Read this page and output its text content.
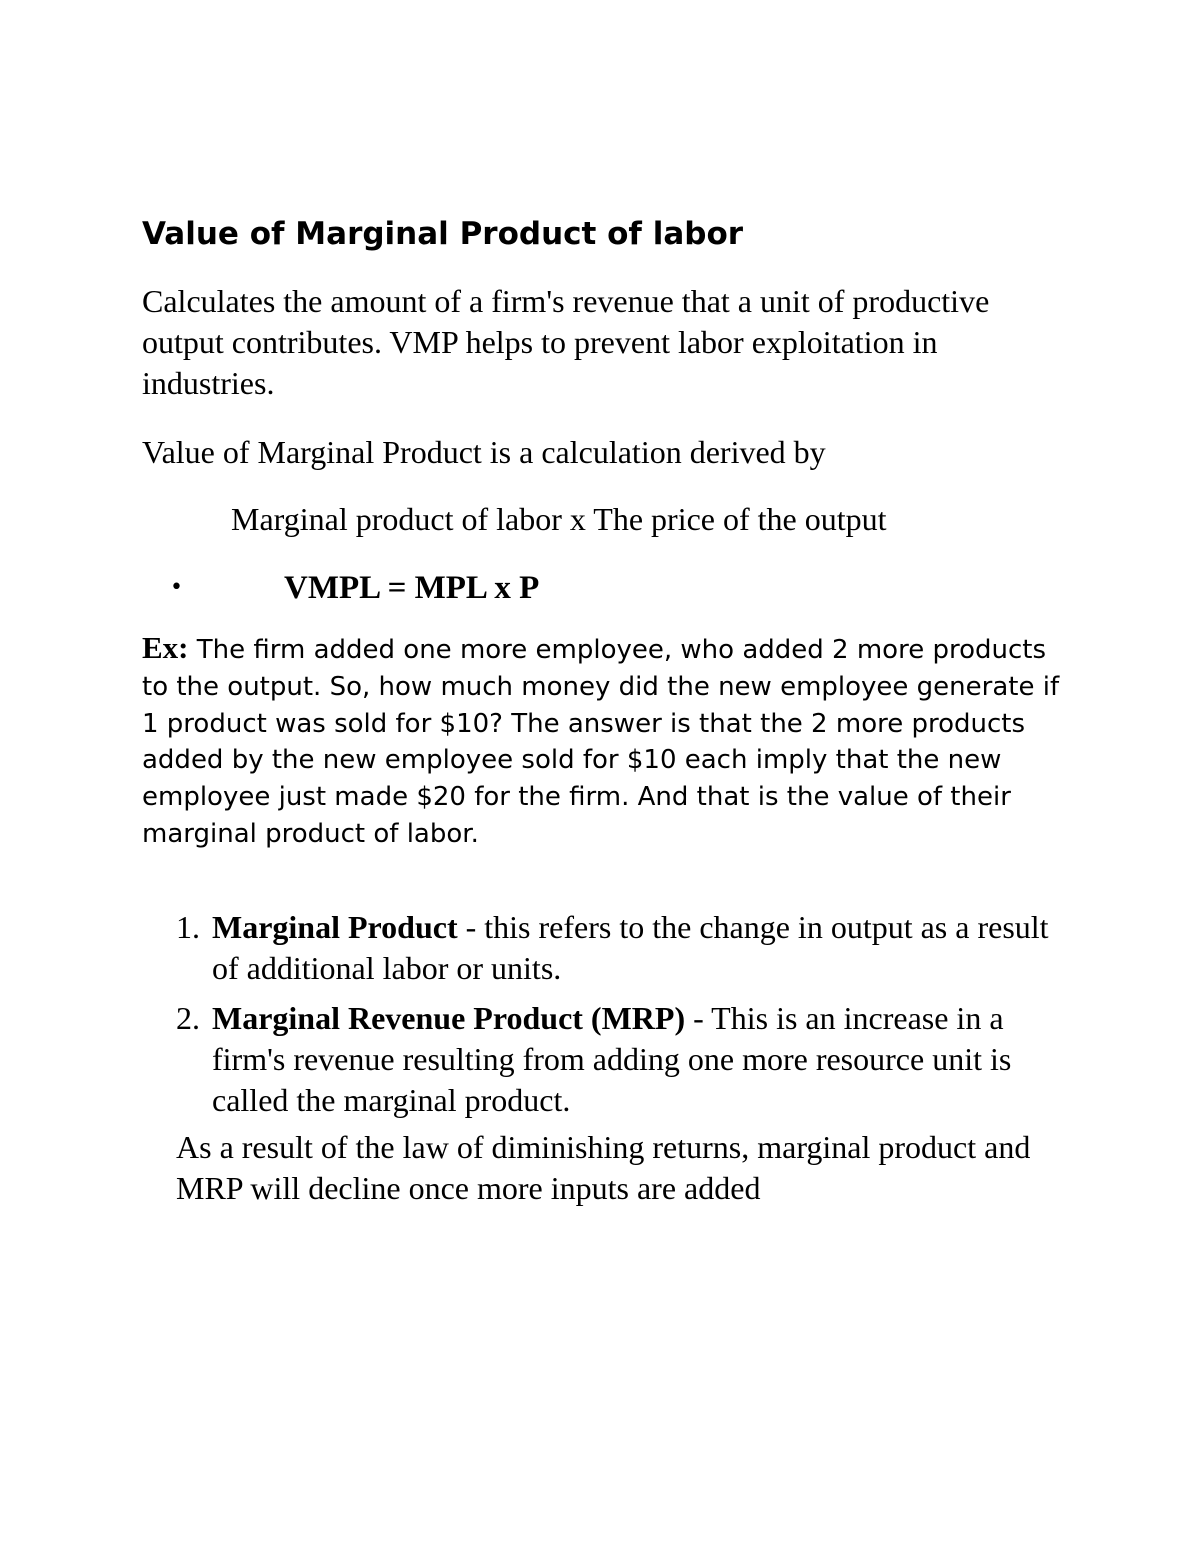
Value of Marginal Product of labor

Calculates the amount of a firm's revenue that a unit of productive output contributes. VMP helps to prevent labor exploitation in industries.

Value of Marginal Product is a calculation derived by

Marginal product of labor x The price of the output

•	VMPL = MPL x P

Ex: The firm added one more employee, who added 2 more products to the output. So, how much money did the new employee generate if 1 product was sold for $10? The answer is that the 2 more products added by the new employee sold for $10 each imply that the new employee just made $20 for the firm. And that is the value of their marginal product of labor.

1. Marginal Product - this refers to the change in output as a result of additional labor or units.
2. Marginal Revenue Product (MRP) - This is an increase in a firm's revenue resulting from adding one more resource unit is called the marginal product.

As a result of the law of diminishing returns, marginal product and MRP will decline once more inputs are added
